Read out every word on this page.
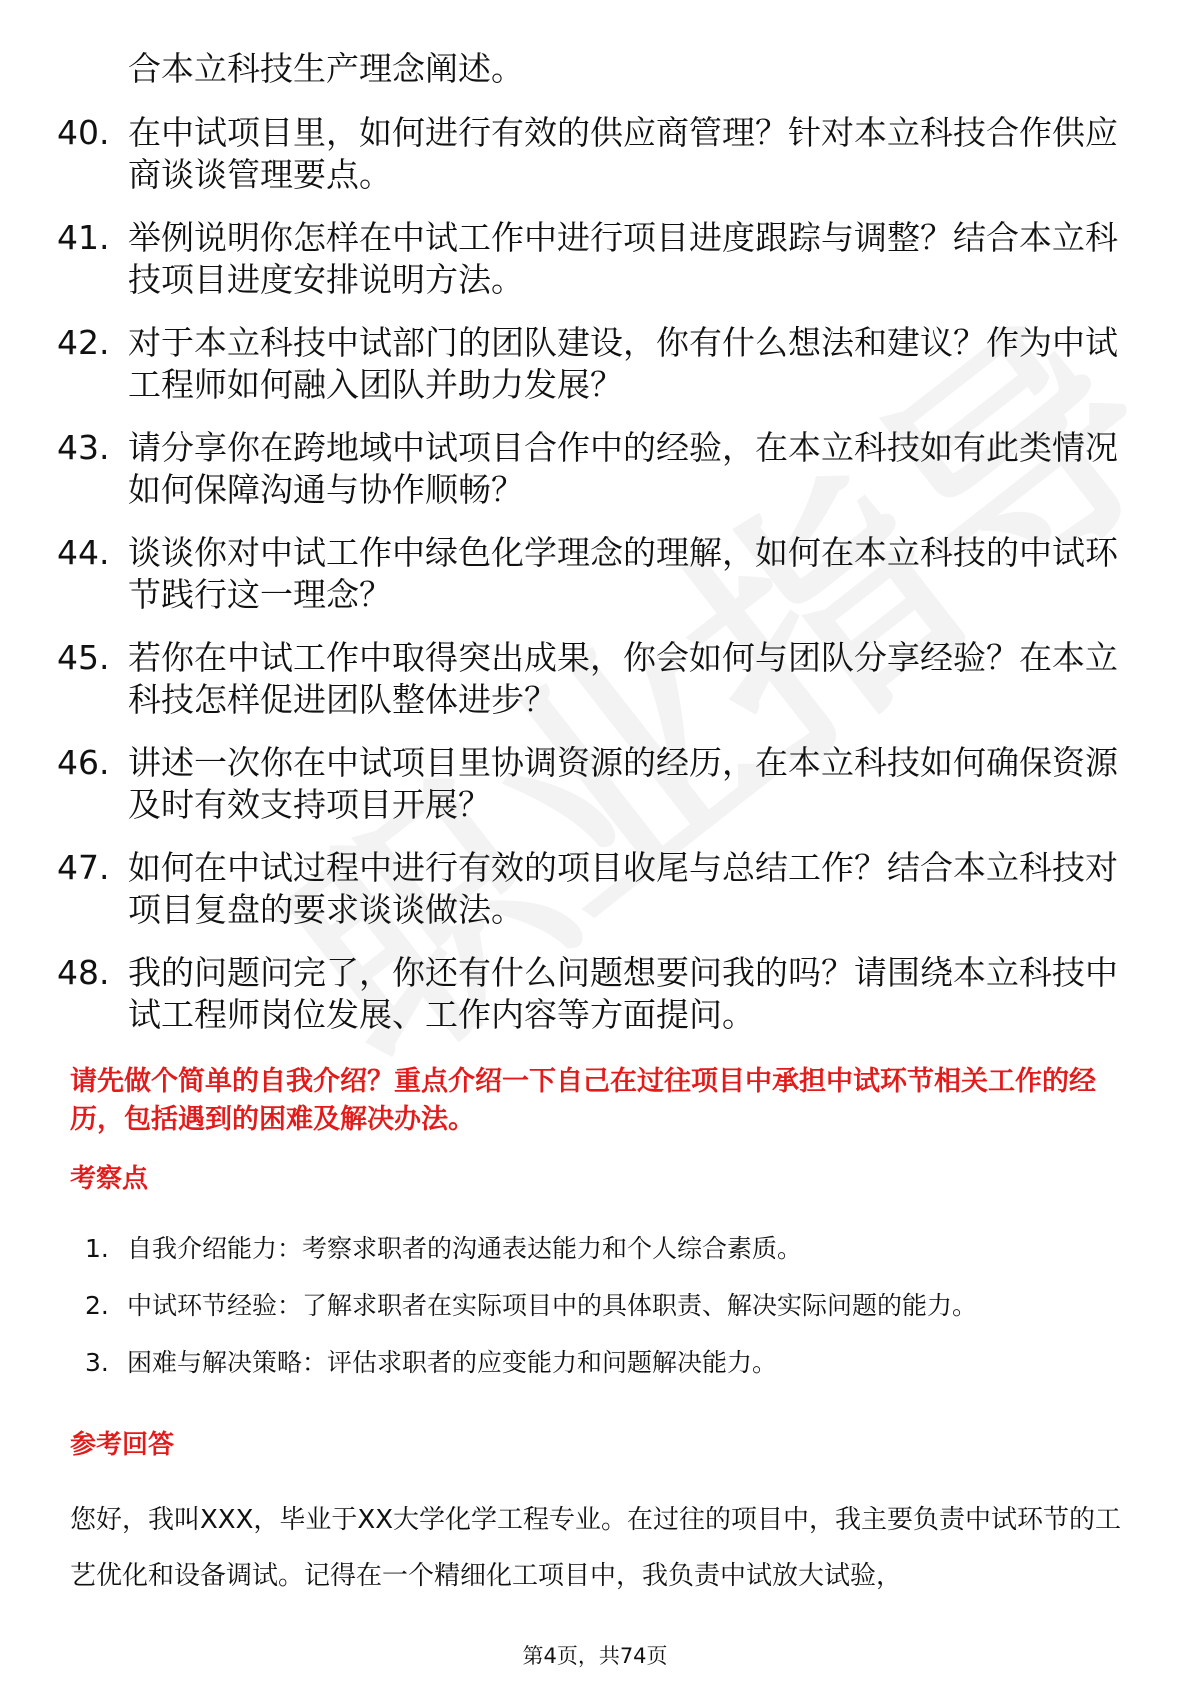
合本立科技生产理念阐述。
40. 在中试项目里，如何进行有效的供应商管理？针对本立科技合作供应商谈谈管理要点。
41. 举例说明你怎样在中试工作中进行项目进度跟踪与调整？结合本立科技项目进度安排说明方法。
42. 对于本立科技中试部门的团队建设，你有什么想法和建议？作为中试工程师如何融入团队并助力发展？
43. 请分享你在跨地域中试项目合作中的经验，在本立科技如有此类情况如何保障沟通与协作顺畅？
44. 谈谈你对中试工作中绿色化学理念的理解，如何在本立科技的中试环节践行这一理念？
45. 若你在中试工作中取得突出成果，你会如何与团队分享经验？在本立科技怎样促进团队整体进步？
46. 讲述一次你在中试项目里协调资源的经历，在本立科技如何确保资源及时有效支持项目开展？
47. 如何在中试过程中进行有效的项目收尾与总结工作？结合本立科技对项目复盘的要求谈谈做法。
48. 我的问题问完了，你还有什么问题想要问我的吗？请围绕本立科技中试工程师岗位发展、工作内容等方面提问。
请先做个简单的自我介绍？重点介绍一下自己在过往项目中承担中试环节相关工作的经历，包括遇到的困难及解决办法。
考察点
1. 自我介绍能力：考察求职者的沟通表达能力和个人综合素质。
2. 中试环节经验：了解求职者在实际项目中的具体职责、解决实际问题的能力。
3. 困难与解决策略：评估求职者的应变能力和问题解决能力。
参考回答
您好，我叫XXX，毕业于XX大学化学工程专业。在过往的项目中，我主要负责中试环节的工艺优化和设备调试。记得在一个精细化工项目中，我负责中试放大试验，
第4页，共74页
